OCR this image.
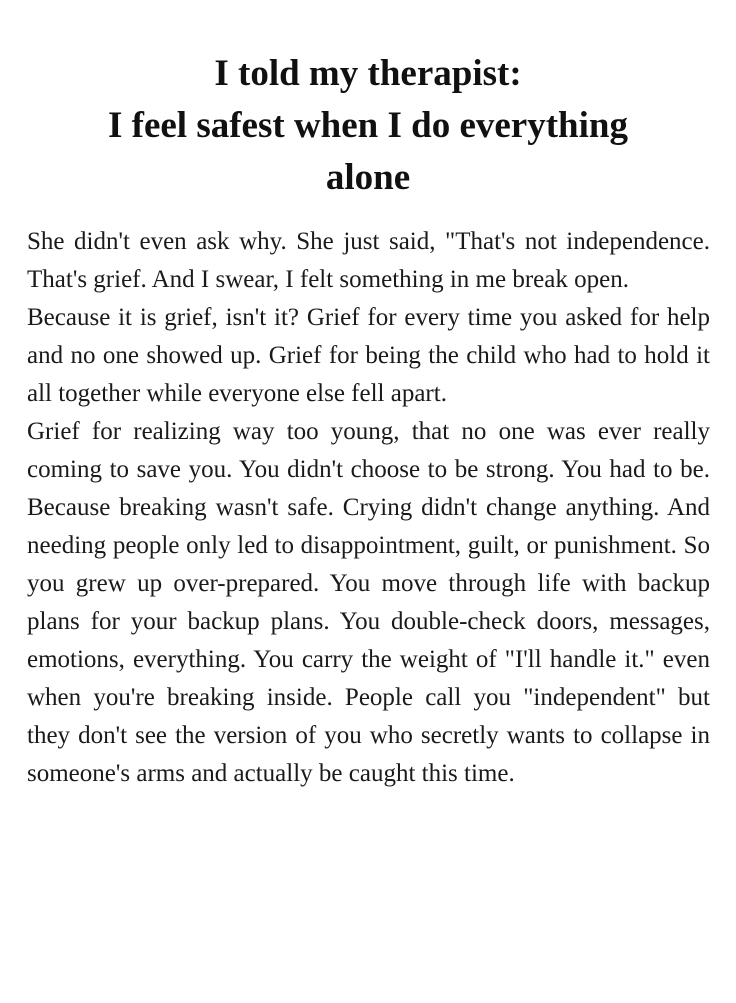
I told my therapist:
I feel safest when I do everything
alone

She didn't even ask why. She just said, "That's not independence. That's grief. And I swear, I felt something in me break open.

Because it is grief, isn't it? Grief for every time you asked for help and no one showed up. Grief for being the child who had to hold it all together while everyone else fell apart.

Grief for realizing way too young, that no one was ever really coming to save you. You didn't choose to be strong. You had to be. Because breaking wasn't safe. Crying didn't change anything. And needing people only led to disappointment, guilt, or punishment. So you grew up over-prepared. You move through life with backup plans for your backup plans. You double-check doors, messages, emotions, everything. You carry the weight of "I'll handle it." even when you're breaking inside. People call you "independent" but they don't see the version of you who secretly wants to collapse in someone's arms and actually be caught this time.
